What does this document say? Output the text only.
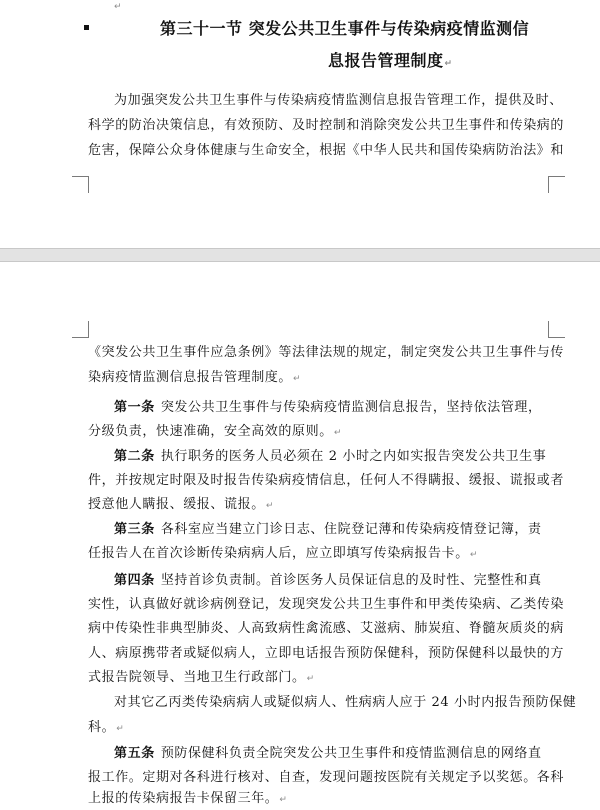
↵
第三十一节 突发公共卫生事件与传染病疫情监测信
息报告管理制度↵
为加强突发公共卫生事件与传染病疫情监测信息报告管理工作，提供及时、
科学的防治决策信息，有效预防、及时控制和消除突发公共卫生事件和传染病的
危害，保障公众身体健康与生命安全，根据《中华人民共和国传染病防治法》和
《突发公共卫生事件应急条例》等法律法规的规定，制定突发公共卫生事件与传
染病疫情监测信息报告管理制度。↵
第一条 突发公共卫生事件与传染病疫情监测信息报告，坚持依法管理，
分级负责，快速准确，安全高效的原则。↵
第二条 执行职务的医务人员必须在 2 小时之内如实报告突发公共卫生事
件，并按规定时限及时报告传染病疫情信息，任何人不得瞒报、缓报、谎报或者
授意他人瞒报、缓报、谎报。↵
第三条 各科室应当建立门诊日志、住院登记薄和传染病疫情登记簿，责
任报告人在首次诊断传染病病人后，应立即填写传染病报告卡。↵
第四条 坚持首诊负责制。首诊医务人员保证信息的及时性、完整性和真
实性，认真做好就诊病例登记，发现突发公共卫生事件和甲类传染病、乙类传染
病中传染性非典型肺炎、人高致病性禽流感、艾滋病、肺炭疽、脊髓灰质炎的病
人、病原携带者或疑似病人，立即电话报告预防保健科，预防保健科以最快的方
式报告院领导、当地卫生行政部门。↵
对其它乙丙类传染病病人或疑似病人、性病病人应于 24 小时内报告预防保健
科。↵
第五条 预防保健科负责全院突发公共卫生事件和疫情监测信息的网络直
报工作。定期对各科进行核对、自查，发现问题按医院有关规定予以奖惩。各科
上报的传染病报告卡保留三年。↵
